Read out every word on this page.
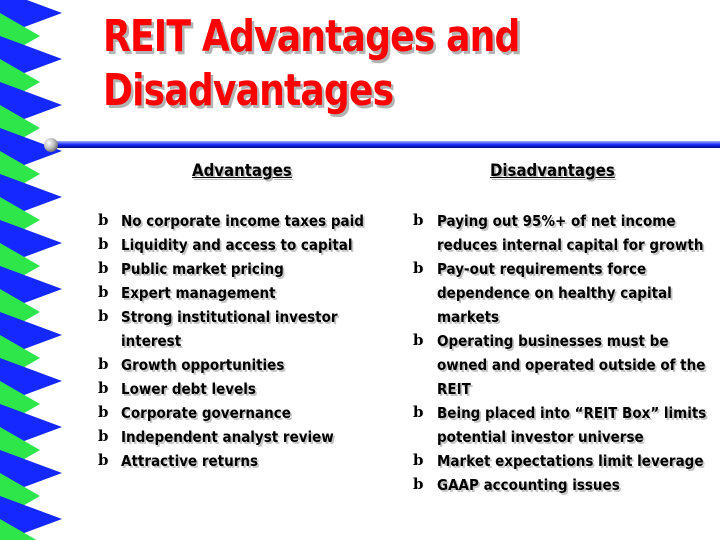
REIT Advantages and
Disadvantages
Advantages	Disadvantages
b No corporate income taxes paid
b Liquidity and access to capital
b Public market pricing
b Expert management
b Strong institutional investor
interest
b Growth opportunities
b Lower debt levels
b Corporate governance
b Independent analyst review
b Attractive returns
b Paying out 95%+ of net income
reduces internal capital for growth
b Pay-out requirements force
dependence on healthy capital
markets
b Operating businesses must be
owned and operated outside of the
REIT
b Being placed into “REIT Box” limits
potential investor universe
b Market expectations limit leverage
b GAAP accounting issues
